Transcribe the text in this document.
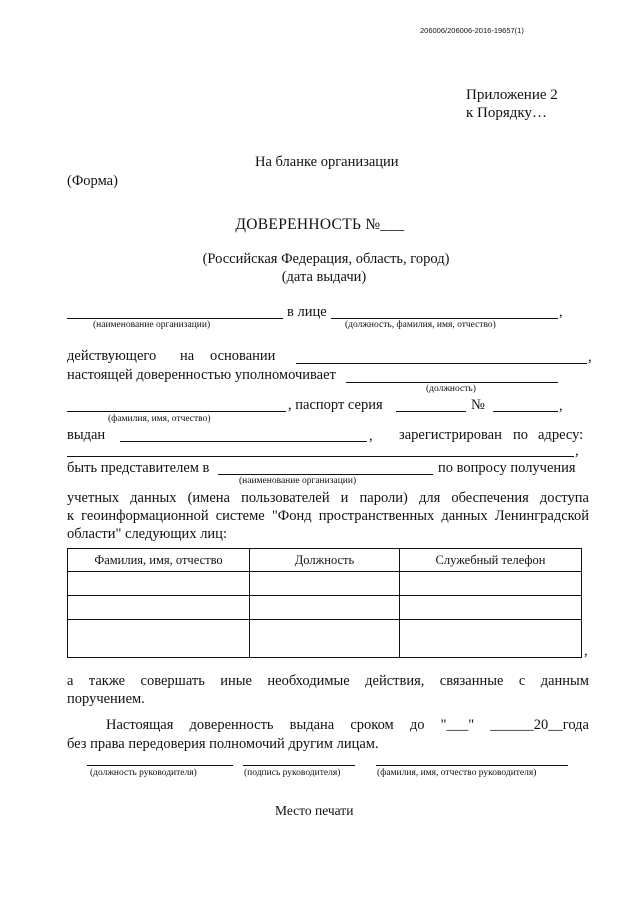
206006/206006-2016-19657(1)
Приложение 2
к Порядку…
На бланке организации
(Форма)
ДОВЕРЕННОСТЬ №___
(Российская Федерация, область, город)
(дата выдачи)
в лице	,
(наименование организации)	(должность, фамилия, имя, отчество)
действующего на основании	,
настоящей доверенностью уполномочивает
(должность)
, паспорт серия	№	,
(фамилия, имя, отчество)
выдан	, зарегистрирован по адресу:
,
быть представителем в	по вопросу получения
(наименование организации)
учетных данных (имена пользователей и пароли) для обеспечения доступа
к геоинформационной системе "Фонд пространственных данных Ленинградской
области" следующих лиц:
Фамилия, имя, отчество	Должность	Служебный телефон

,
а также совершать иные необходимые действия, связанные с данным
поручением.
Настоящая доверенность выдана сроком до "___" ______20__года
без права передоверия полномочий другим лицам.
(должность руководителя)	(подпись руководителя)	(фамилия, имя, отчество руководителя)
Место печати
